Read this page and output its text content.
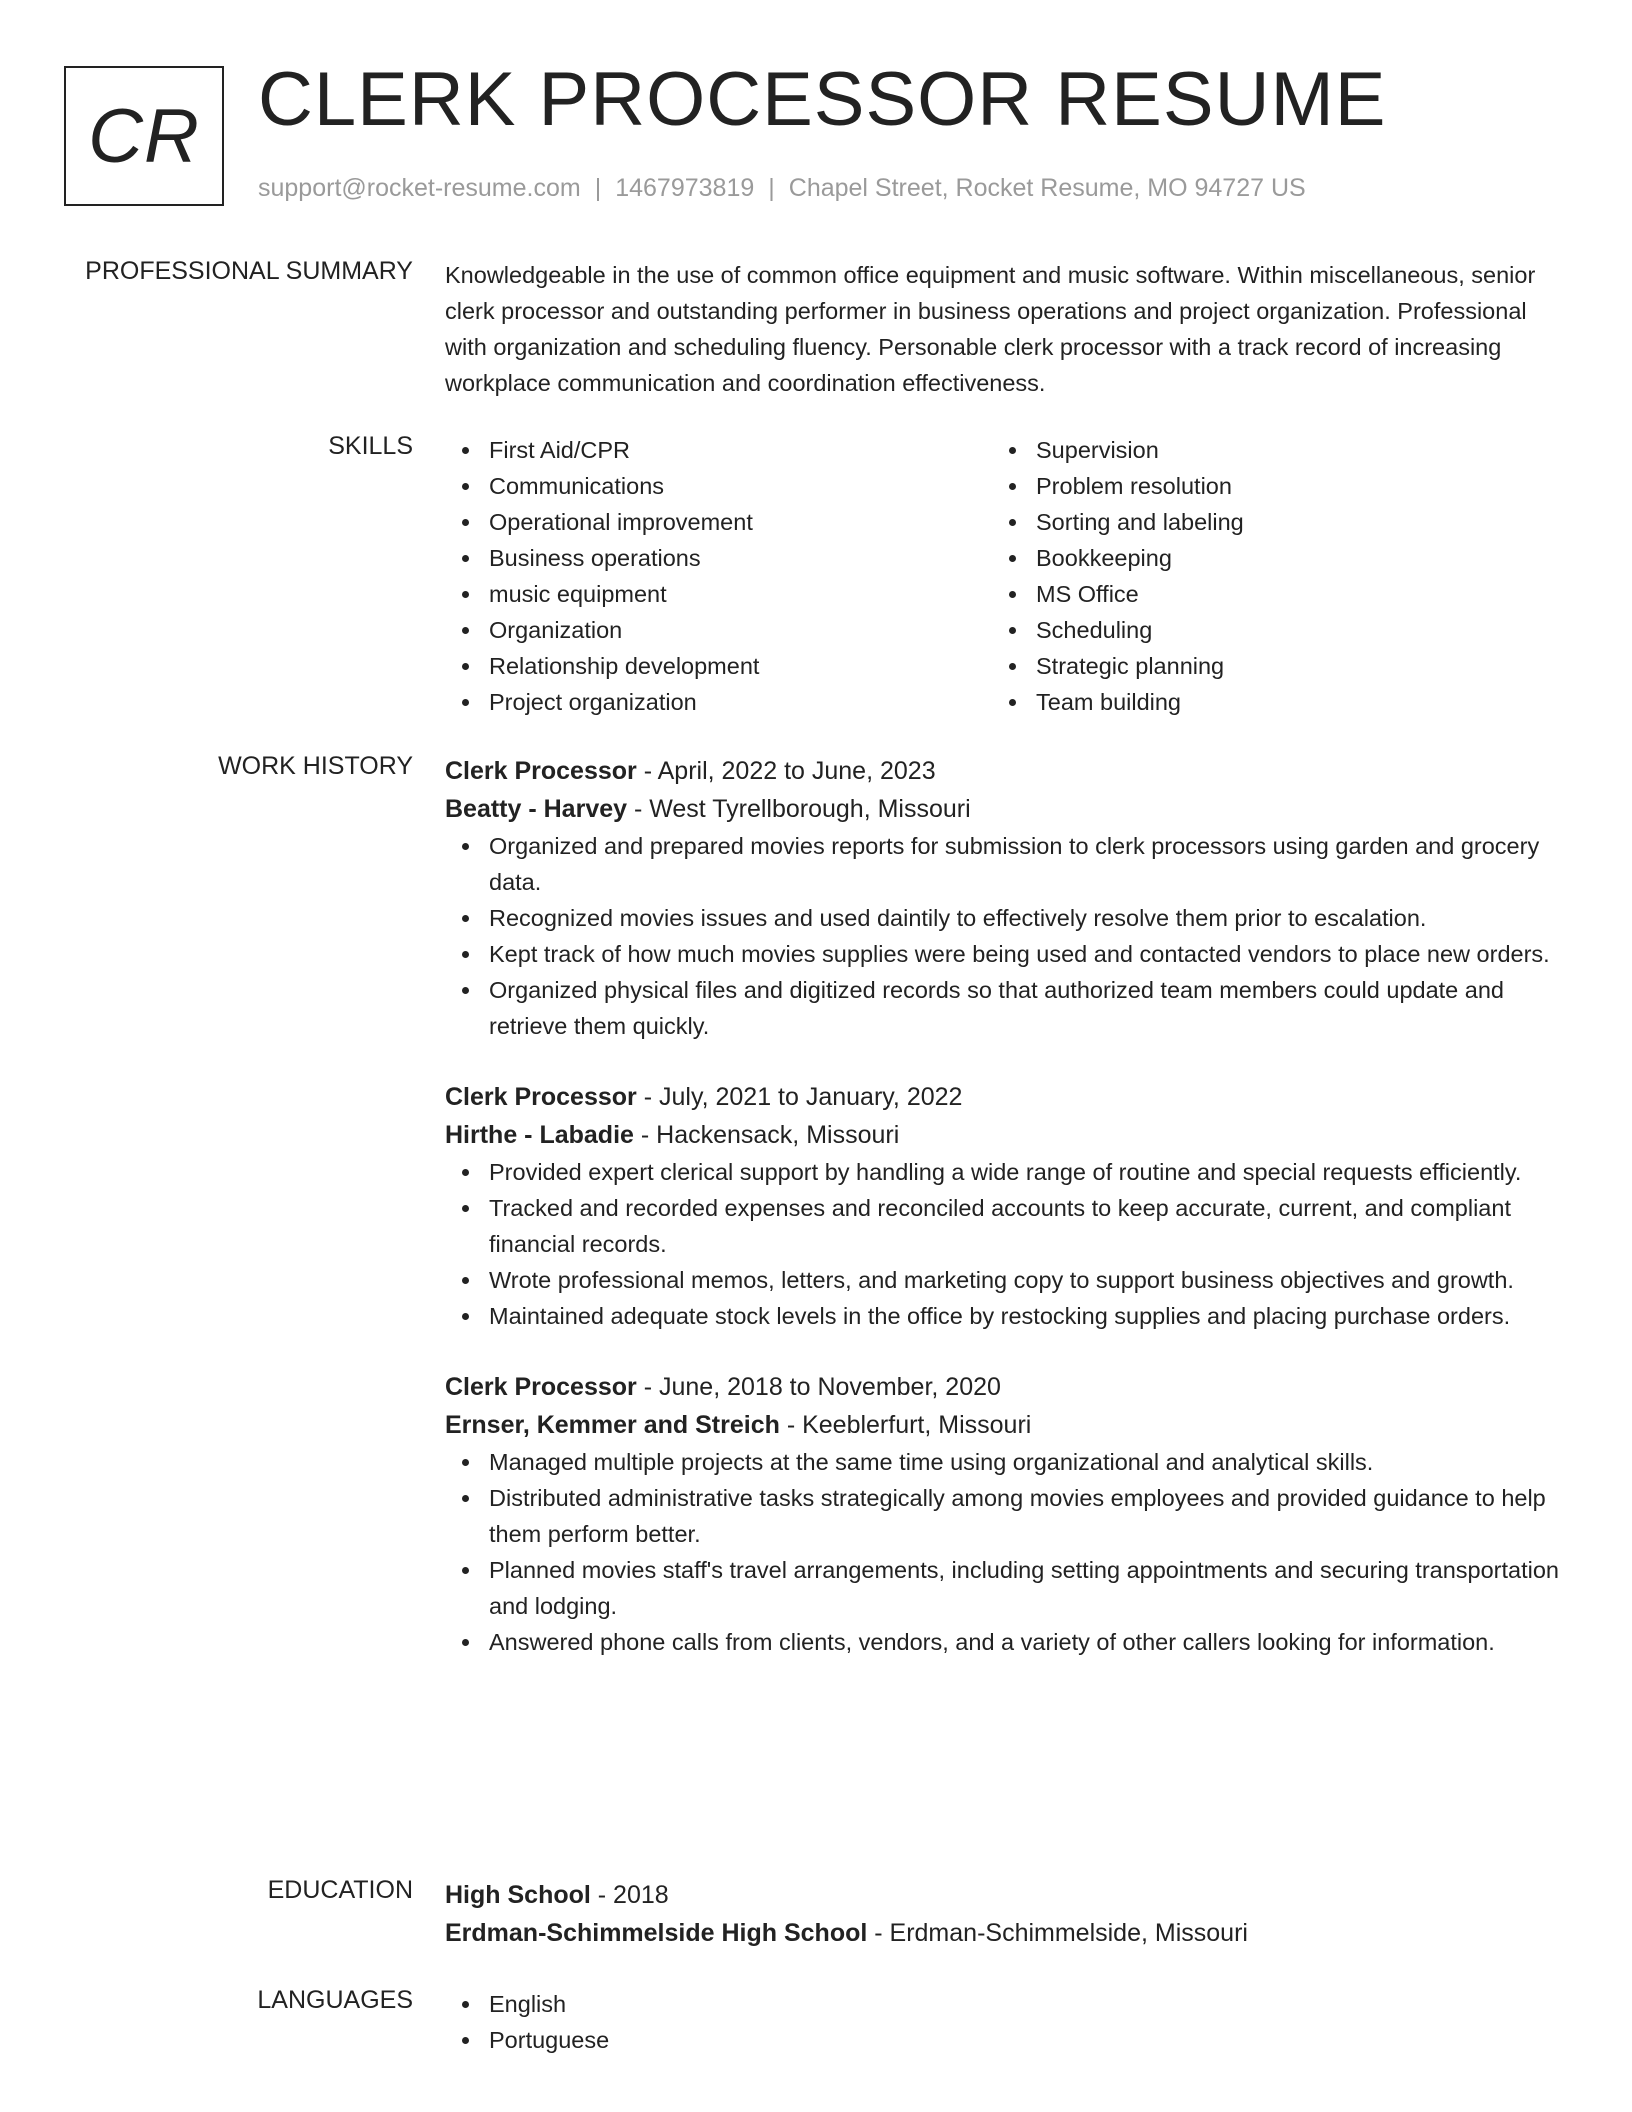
CR CLERK PROCESSOR RESUME
support@rocket-resume.com | 1467973819 | Chapel Street, Rocket Resume, MO 94727 US
PROFESSIONAL SUMMARY Knowledgeable in the use of common office equipment and music software. Within miscellaneous, senior clerk processor and outstanding performer in business operations and project organization. Professional with organization and scheduling fluency. Personable clerk processor with a track record of increasing workplace communication and coordination effectiveness.

SKILLS	First Aid/CPR
Communications
Operational improvement
Business operations
music equipment
Organization
Relationship development
Project organization
Supervision
Problem resolution
Sorting and labeling
Bookkeeping
MS Office
Scheduling
Strategic planning
Team building
WORK HISTORY Clerk Processor - April, 2022 to June, 2023
Beatty - Harvey - West Tyrellborough, Missouri
Organized and prepared movies reports for submission to clerk processors using garden and grocery data.
Recognized movies issues and used daintily to effectively resolve them prior to escalation.
Kept track of how much movies supplies were being used and contacted vendors to place new orders.
Organized physical files and digitized records so that authorized team members could update and retrieve them quickly.
Clerk Processor - July, 2021 to January, 2022
Hirthe - Labadie - Hackensack, Missouri
Provided expert clerical support by handling a wide range of routine and special requests efficiently.
Tracked and recorded expenses and reconciled accounts to keep accurate, current, and compliant financial records.
Wrote professional memos, letters, and marketing copy to support business objectives and growth.
Maintained adequate stock levels in the office by restocking supplies and placing purchase orders.
Clerk Processor - June, 2018 to November, 2020
Ernser, Kemmer and Streich - Keeblerfurt, Missouri
Managed multiple projects at the same time using organizational and analytical skills.
Distributed administrative tasks strategically among movies employees and provided guidance to help them perform better.
Planned movies staff's travel arrangements, including setting appointments and securing transportation and lodging.
Answered phone calls from clients, vendors, and a variety of other callers looking for information.
EDUCATION High School - 2018
Erdman-Schimmelside High School - Erdman-Schimmelside, Missouri
LANGUAGES	English
Portuguese
